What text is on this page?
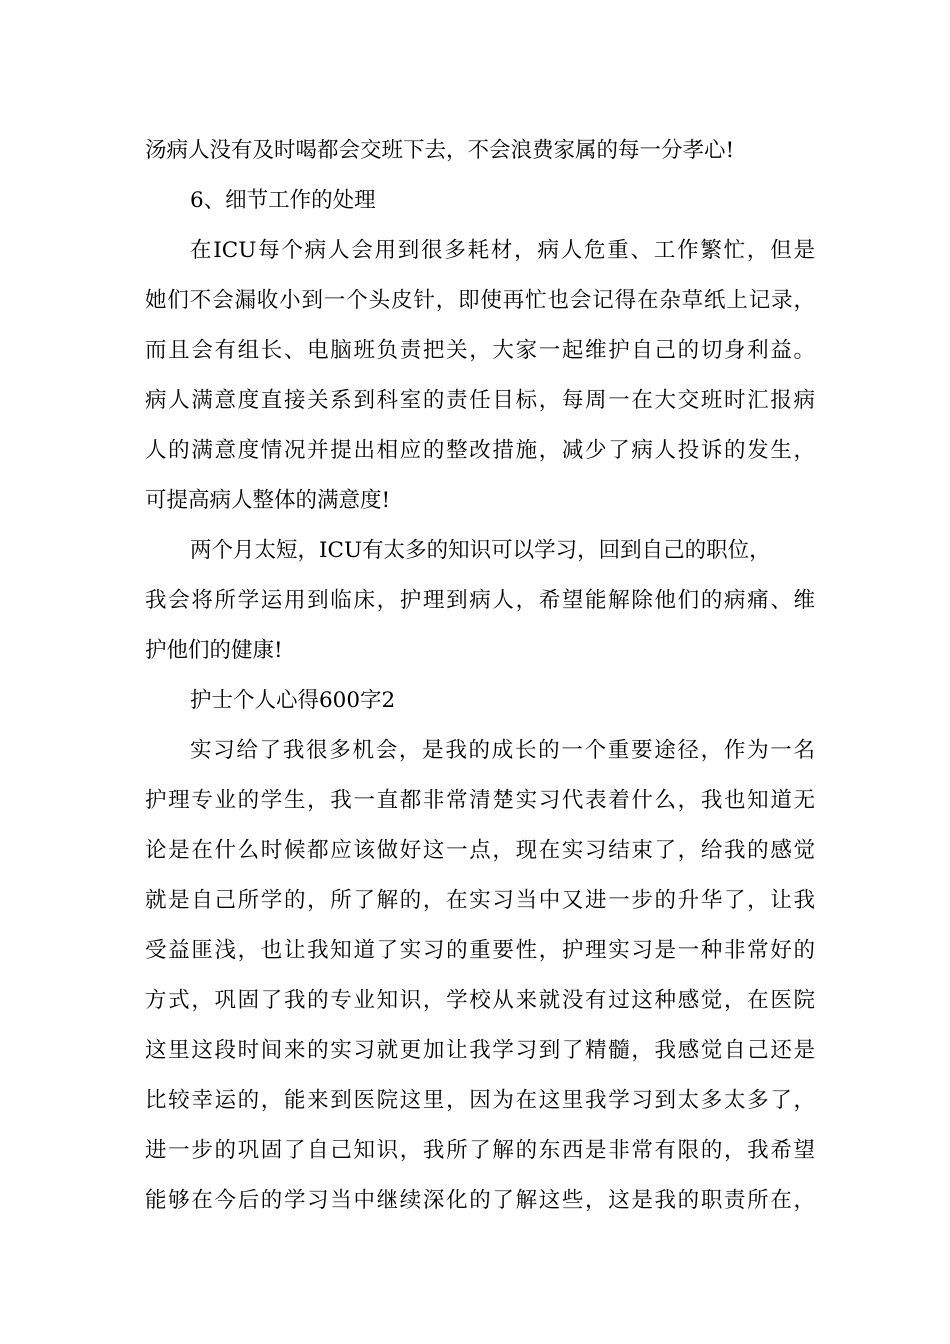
汤病人没有及时喝都会交班下去，不会浪费家属的每一分孝心!
6、细节工作的处理
在ICU每个病人会用到很多耗材，病人危重、工作繁忙，但是
她们不会漏收小到一个头皮针，即使再忙也会记得在杂草纸上记录，
而且会有组长、电脑班负责把关，大家一起维护自己的切身利益。
病人满意度直接关系到科室的责任目标，每周一在大交班时汇报病
人的满意度情况并提出相应的整改措施，减少了病人投诉的发生，
可提高病人整体的满意度!
两个月太短，ICU有太多的知识可以学习，回到自己的职位，
我会将所学运用到临床，护理到病人，希望能解除他们的病痛、维
护他们的健康!
护士个人心得600字2
实习给了我很多机会，是我的成长的一个重要途径，作为一名
护理专业的学生，我一直都非常清楚实习代表着什么，我也知道无
论是在什么时候都应该做好这一点，现在实习结束了，给我的感觉
就是自己所学的，所了解的，在实习当中又进一步的升华了，让我
受益匪浅，也让我知道了实习的重要性，护理实习是一种非常好的
方式，巩固了我的专业知识，学校从来就没有过这种感觉，在医院
这里这段时间来的实习就更加让我学习到了精髓，我感觉自己还是
比较幸运的，能来到医院这里，因为在这里我学习到太多太多了，
进一步的巩固了自己知识，我所了解的东西是非常有限的，我希望
能够在今后的学习当中继续深化的了解这些，这是我的职责所在，
